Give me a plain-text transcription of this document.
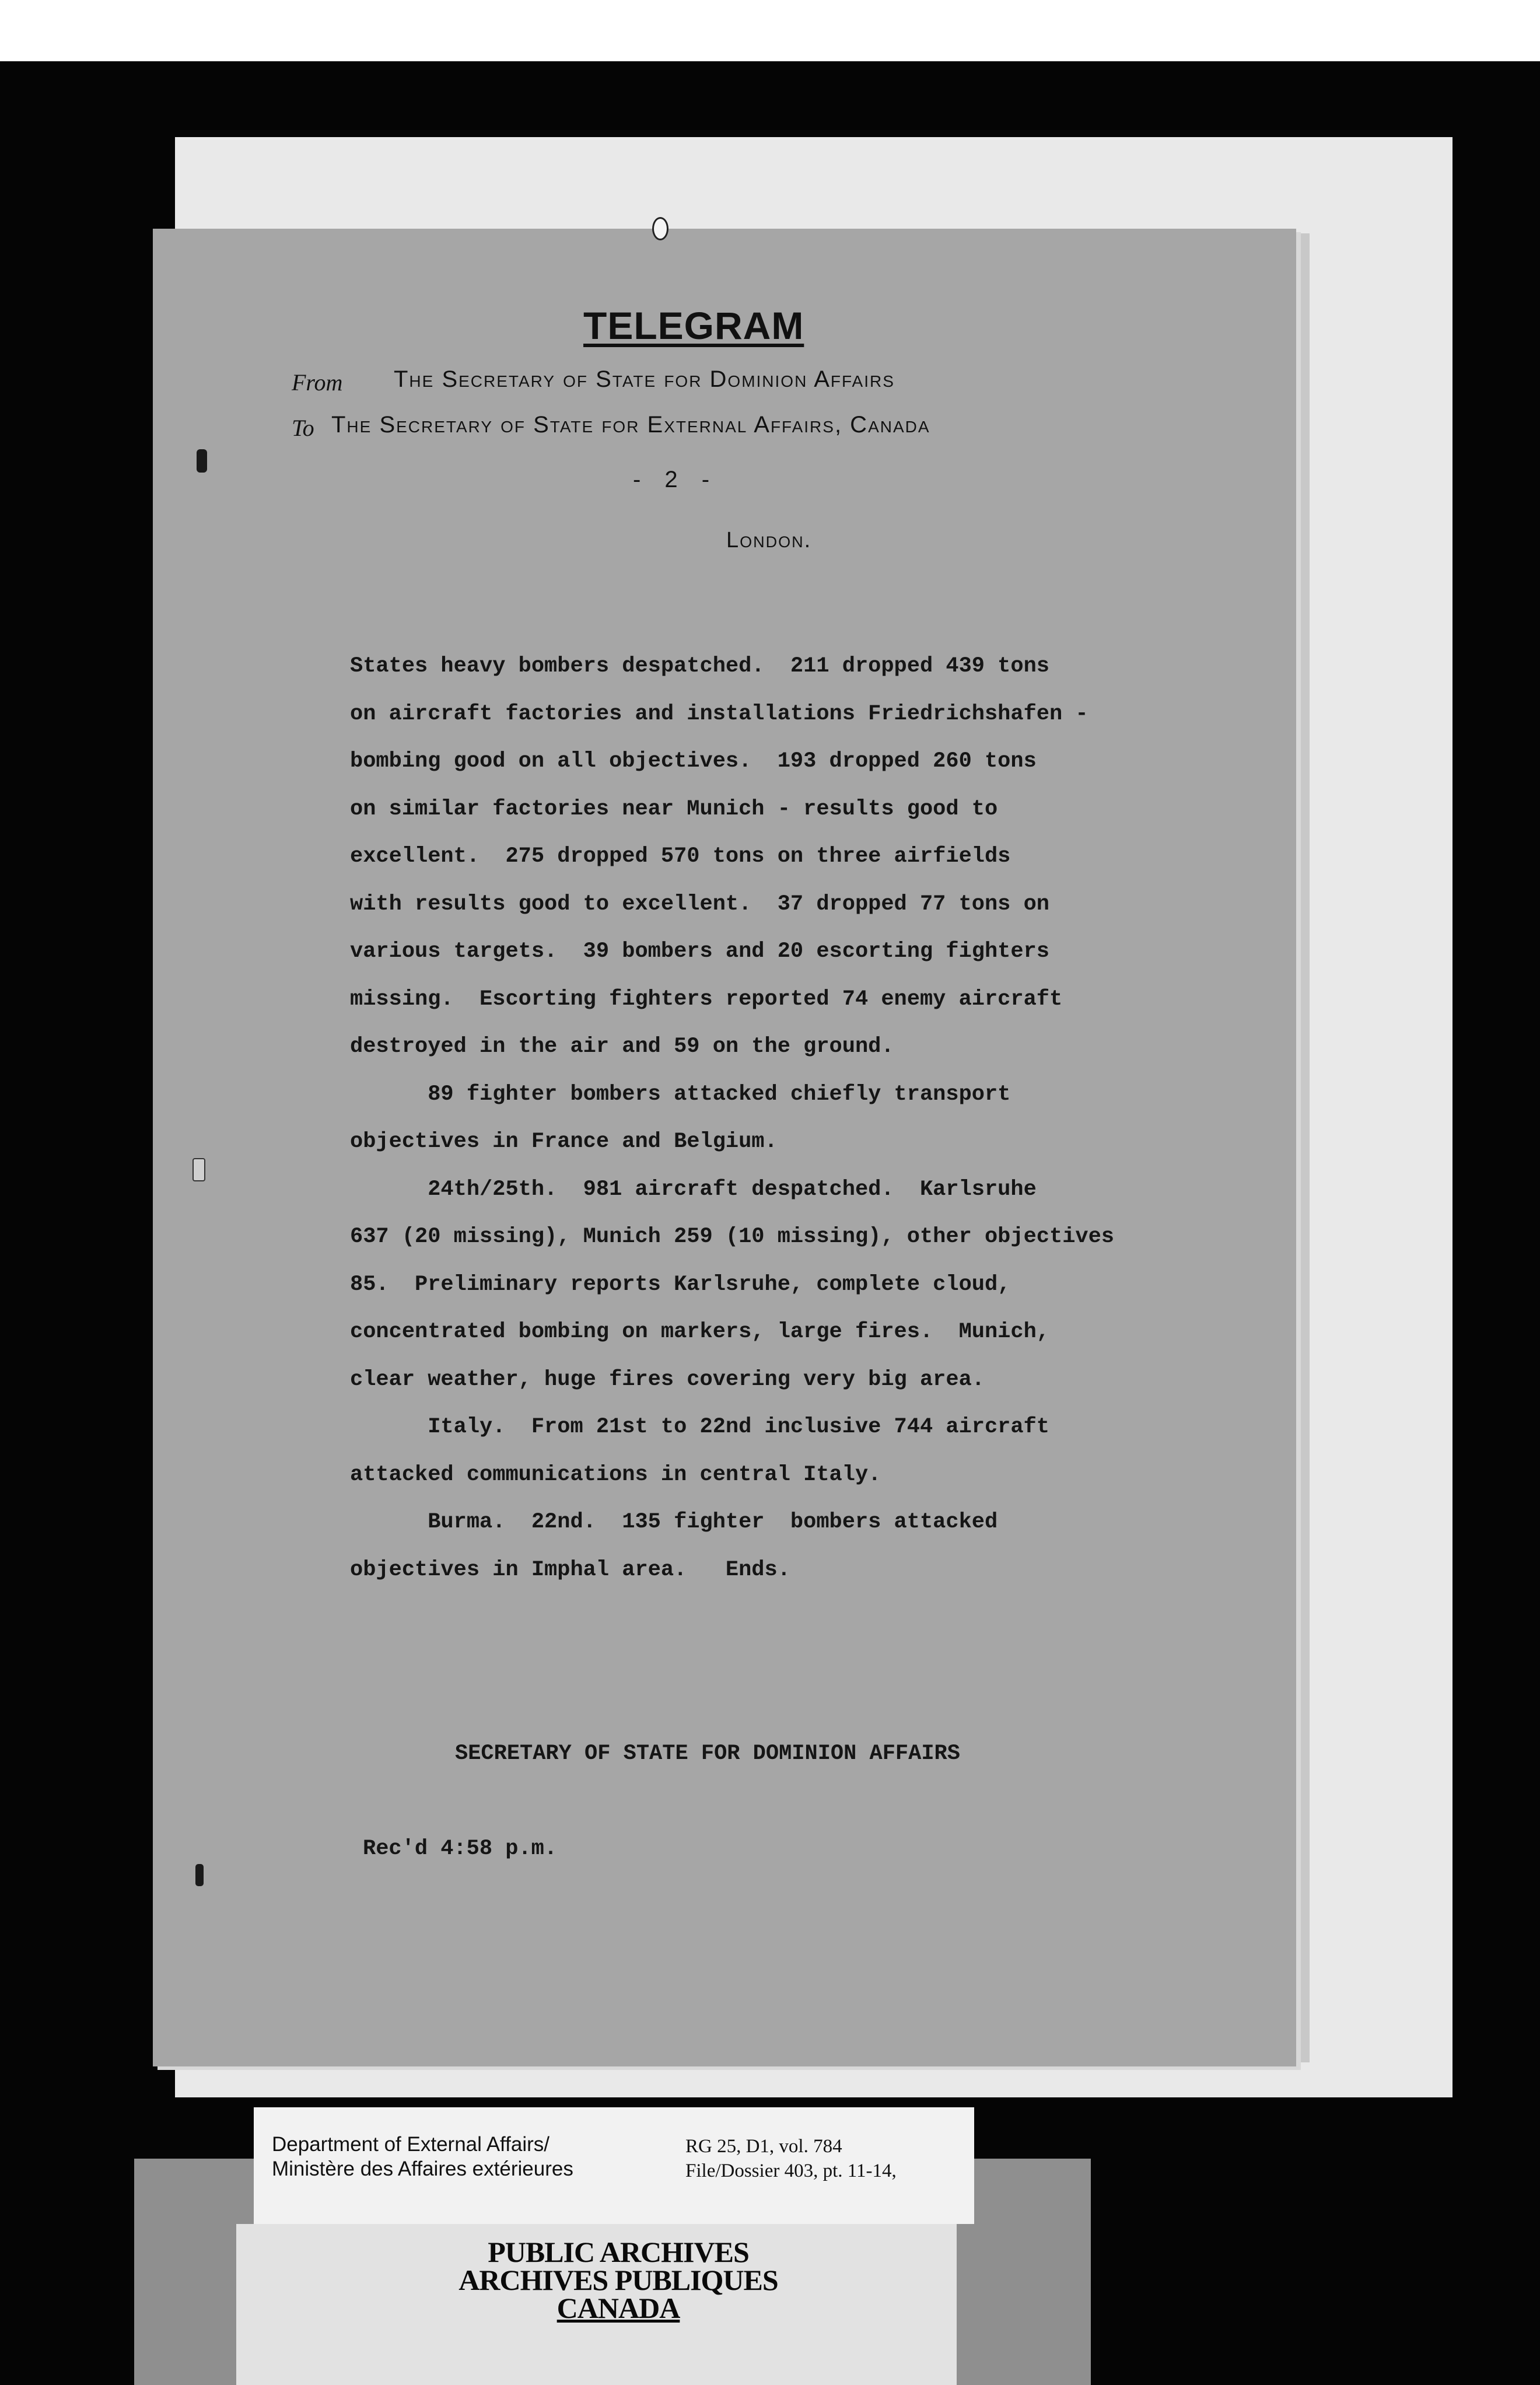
TELEGRAM
From The Secretary of State for Dominion Affairs
To The Secretary of State for External Affairs, Canada
- 2 -
London.
States heavy bombers despatched.  211 dropped 439 tons
on aircraft factories and installations Friedrichshafen -
bombing good on all objectives.  193 dropped 260 tons
on similar factories near Munich - results good to
excellent.  275 dropped 570 tons on three airfields
with results good to excellent.  37 dropped 77 tons on
various targets.  39 bombers and 20 escorting fighters
missing.  Escorting fighters reported 74 enemy aircraft
destroyed in the air and 59 on the ground.
89 fighter bombers attacked chiefly transport
objectives in France and Belgium.
24th/25th.  981 aircraft despatched.  Karlsruhe
637 (20 missing), Munich 259 (10 missing), other objectives
85.  Preliminary reports Karlsruhe, complete cloud,
concentrated bombing on markers, large fires.  Munich,
clear weather, huge fires covering very big area.
Italy.  From 21st to 22nd inclusive 744 aircraft
attacked communications in central Italy.
Burma.  22nd.  135 fighter  bombers attacked
objectives in Imphal area.   Ends.
SECRETARY OF STATE FOR DOMINION AFFAIRS
Rec'd 4:58 p.m.
Department of External Affairs/
Ministère des Affaires extérieures
RG 25, D1, vol. 784
File/Dossier 403, pt. 11-14,
PUBLIC ARCHIVES
ARCHIVES PUBLIQUES
CANADA
